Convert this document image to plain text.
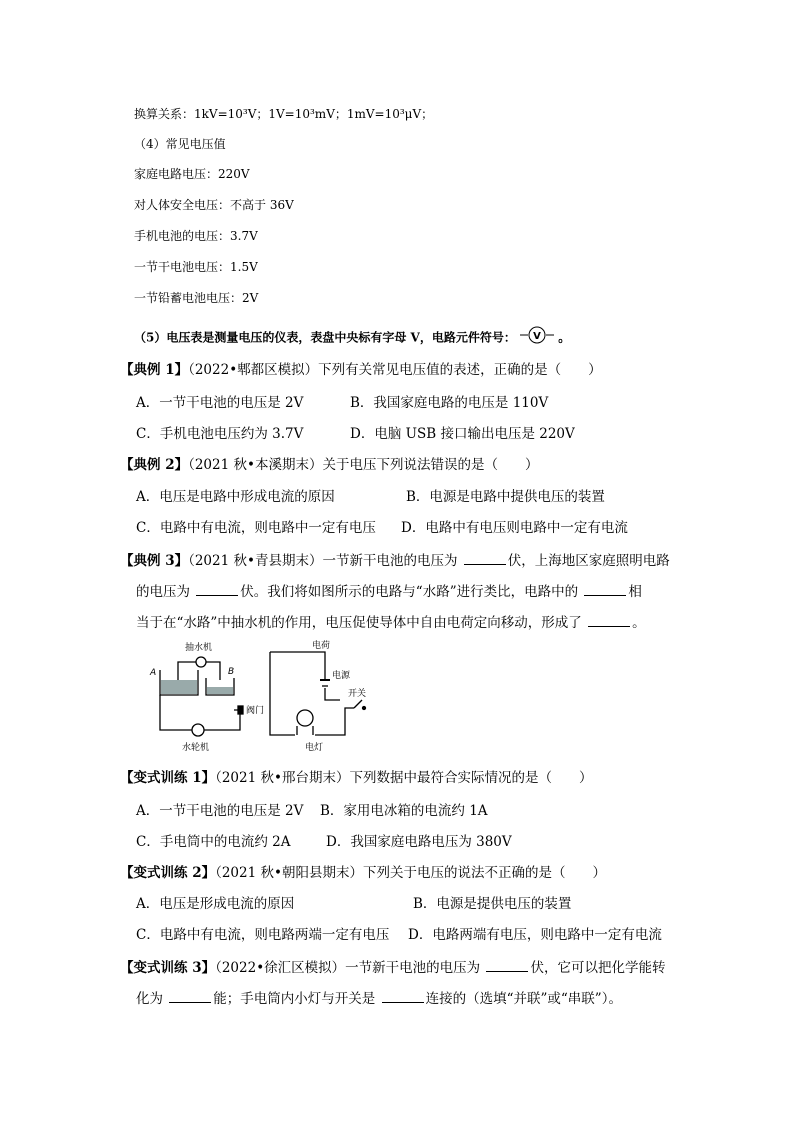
换算关系：1kV=10³V；1V=10³mV；1mV=10³μV；
（4）常见电压值
家庭电路电压：220V
对人体安全电压：不高于 36V
手机电池的电压：3.7V
一节干电池电压：1.5V
一节铅蓄电池电压：2V
（5）电压表是测量电压的仪表，表盘中央标有字母 V，电路元件符号： V 。
【典例 1】（2022•郫都区模拟）下列有关常见电压值的表述，正确的是（　　）
A．一节干电池的电压是 2V	B．我国家庭电路的电压是 110V
C．手机电池电压约为 3.7V	D．电脑 USB 接口输出电压是 220V
【典例 2】（2021 秋•本溪期末）关于电压下列说法错误的是（　　）
A．电压是电路中形成电流的原因	B．电源是电路中提供电压的装置
C．电路中有电流，则电路中一定有电压 D．电路中有电压则电路中一定有电流
【典例 3】（2021 秋•青县期末）一节新干电池的电压为	伏，上海地区家庭照明电路
的电压为	伏。我们将如图所示的电路与“水路”进行类比，电路中的	相
当于在“水路”中抽水机的作用，电压促使导体中自由电荷定向移动，形成了	。
抽水机
A	B
阀门
水轮机
电荷
电源
开关
电灯
【变式训练 1】（2021 秋•邢台期末）下列数据中最符合实际情况的是（　　）
A．一节干电池的电压是 2V B．家用电冰箱的电流约 1A
C．手电筒中的电流约 2A	D．我国家庭电路电压为 380V
【变式训练 2】（2021 秋•朝阳县期末）下列关于电压的说法不正确的是（　　）
A．电压是形成电流的原因	B．电源是提供电压的装置
C．电路中有电流，则电路两端一定有电压 D．电路两端有电压，则电路中一定有电流
【变式训练 3】（2022•徐汇区模拟）一节新干电池的电压为	伏，它可以把化学能转
化为	能；手电筒内小灯与开关是	连接的（选填“并联”或“串联”）。
